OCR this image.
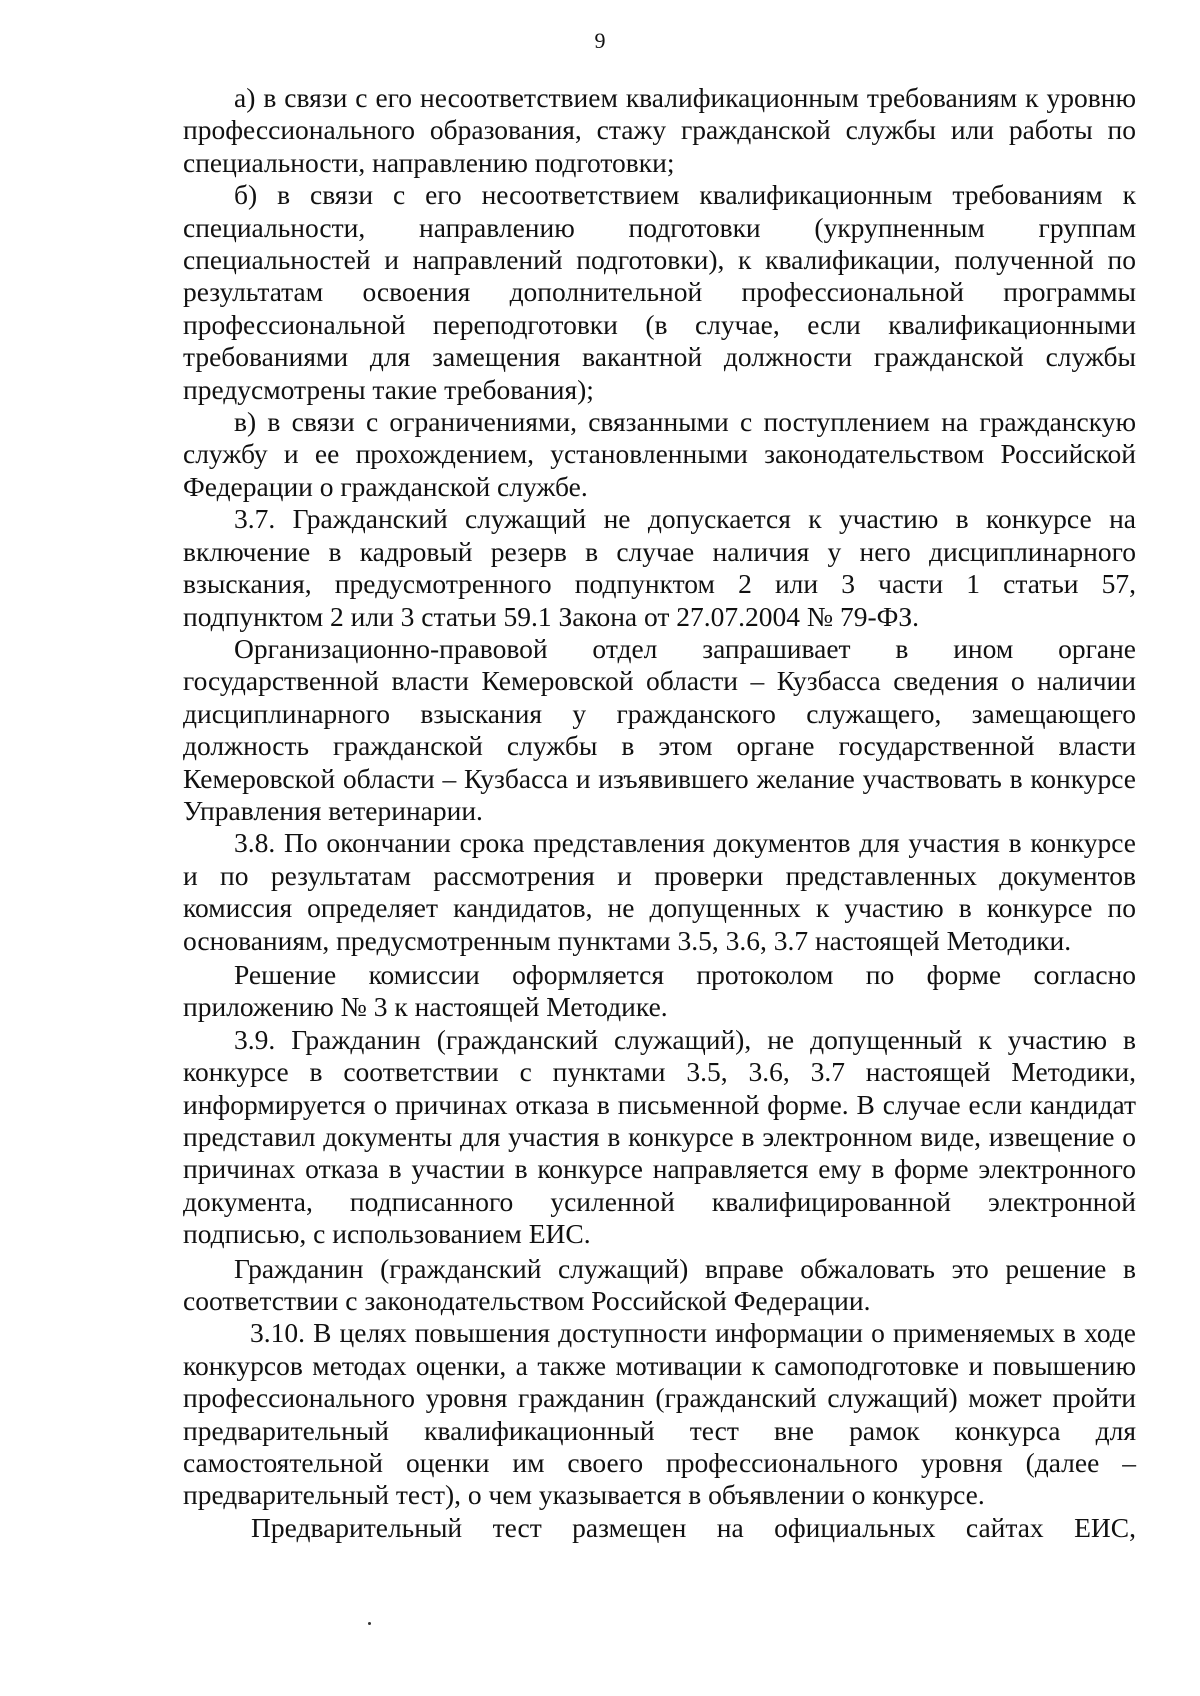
9

а) в связи с его несоответствием квалификационным требованиям к уровню профессионального образования, стажу гражданской службы или работы по специальности, направлению подготовки;

б) в связи с его несоответствием квалификационным требованиям к специальности, направлению подготовки (укрупненным группам специальностей и направлений подготовки), к квалификации, полученной по результатам освоения дополнительной профессиональной программы профессиональной переподготовки (в случае, если квалификационными требованиями для замещения вакантной должности гражданской службы предусмотрены такие требования);

в) в связи с ограничениями, связанными с поступлением на гражданскую службу и ее прохождением, установленными законодательством Российской Федерации о гражданской службе.

3.7. Гражданский служащий не допускается к участию в конкурсе на включение в кадровый резерв в случае наличия у него дисциплинарного взыскания, предусмотренного подпунктом 2 или 3 части 1 статьи 57, подпунктом 2 или 3 статьи 59.1 Закона от 27.07.2004 № 79-ФЗ.

Организационно-правовой отдел запрашивает в ином органе государственной власти Кемеровской области – Кузбасса сведения о наличии дисциплинарного взыскания у гражданского служащего, замещающего должность гражданской службы в этом органе государственной власти Кемеровской области – Кузбасса и изъявившего желание участвовать в конкурсе Управления ветеринарии.

3.8. По окончании срока представления документов для участия в конкурсе и по результатам рассмотрения и проверки представленных документов комиссия определяет кандидатов, не допущенных к участию в конкурсе по основаниям, предусмотренным пунктами 3.5, 3.6, 3.7 настоящей Методики.

Решение комиссии оформляется протоколом по форме согласно приложению № 3 к настоящей Методике.

3.9. Гражданин (гражданский служащий), не допущенный к участию в конкурсе в соответствии с пунктами 3.5, 3.6, 3.7 настоящей Методики, информируется о причинах отказа в письменной форме. В случае если кандидат представил документы для участия в конкурсе в электронном виде, извещение о причинах отказа в участии в конкурсе направляется ему в форме электронного документа, подписанного усиленной квалифицированной электронной подписью, с использованием ЕИС.

Гражданин (гражданский служащий) вправе обжаловать это решение в соответствии с законодательством Российской Федерации.

3.10. В целях повышения доступности информации о применяемых в ходе конкурсов методах оценки, а также мотивации к самоподготовке и повышению профессионального уровня гражданин (гражданский служащий) может пройти предварительный квалификационный тест вне рамок конкурса для самостоятельной оценки им своего профессионального уровня (далее – предварительный тест), о чем указывается в объявлении о конкурсе.

Предварительный тест размещен на официальных сайтах ЕИС,
